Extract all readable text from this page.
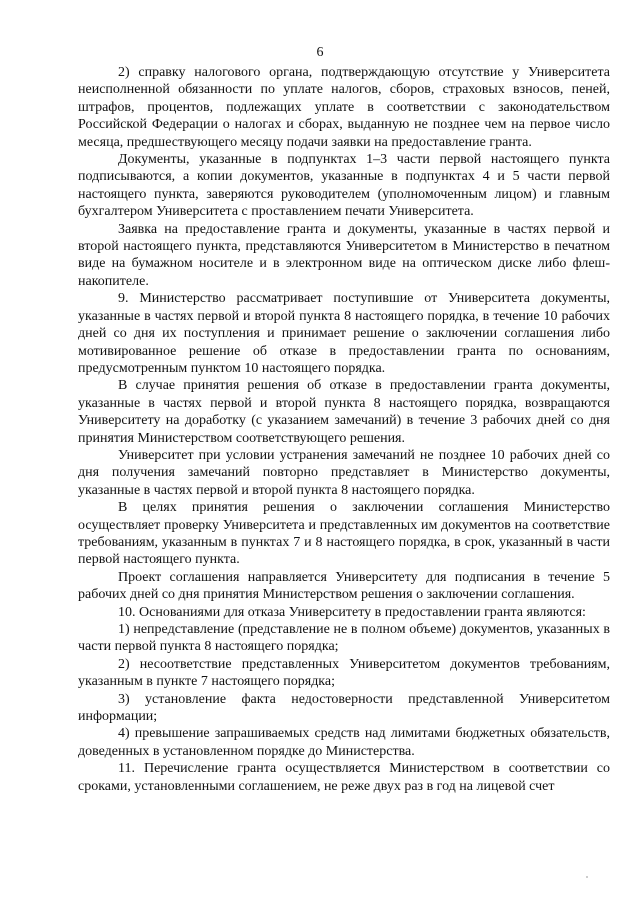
6

2) справку налогового органа, подтверждающую отсутствие у Университета неисполненной обязанности по уплате налогов, сборов, страховых взносов, пеней, штрафов, процентов, подлежащих уплате в соответствии с законодательством Российской Федерации о налогах и сборах, выданную не позднее чем на первое число месяца, предшествующего месяцу подачи заявки на предоставление гранта.

Документы, указанные в подпунктах 1–3 части первой настоящего пункта подписываются, а копии документов, указанные в подпунктах 4 и 5 части первой настоящего пункта, заверяются руководителем (уполномоченным лицом) и главным бухгалтером Университета с проставлением печати Университета.

Заявка на предоставление гранта и документы, указанные в частях первой и второй настоящего пункта, представляются Университетом в Министерство в печатном виде на бумажном носителе и в электронном виде на оптическом диске либо флеш-накопителе.

9. Министерство рассматривает поступившие от Университета документы, указанные в частях первой и второй пункта 8 настоящего порядка, в течение 10 рабочих дней со дня их поступления и принимает решение о заключении соглашения либо мотивированное решение об отказе в предоставлении гранта по основаниям, предусмотренным пунктом 10 настоящего порядка.

В случае принятия решения об отказе в предоставлении гранта документы, указанные в частях первой и второй пункта 8 настоящего порядка, возвращаются Университету на доработку (с указанием замечаний) в течение 3 рабочих дней со дня принятия Министерством соответствующего решения.

Университет при условии устранения замечаний не позднее 10 рабочих дней со дня получения замечаний повторно представляет в Министерство документы, указанные в частях первой и второй пункта 8 настоящего порядка.

В целях принятия решения о заключении соглашения Министерство осуществляет проверку Университета и представленных им документов на соответствие требованиям, указанным в пунктах 7 и 8 настоящего порядка, в срок, указанный в части первой настоящего пункта.

Проект соглашения направляется Университету для подписания в течение 5 рабочих дней со дня принятия Министерством решения о заключении соглашения.

10. Основаниями для отказа Университету в предоставлении гранта являются:

1) непредставление (представление не в полном объеме) документов, указанных в части первой пункта 8 настоящего порядка;

2) несоответствие представленных Университетом документов требованиям, указанным в пункте 7 настоящего порядка;

3) установление факта недостоверности представленной Университетом информации;

4) превышение запрашиваемых средств над лимитами бюджетных обязательств, доведенных в установленном порядке до Министерства.

11. Перечисление гранта осуществляется Министерством в соответствии со сроками, установленными соглашением, не реже двух раз в год на лицевой счет
